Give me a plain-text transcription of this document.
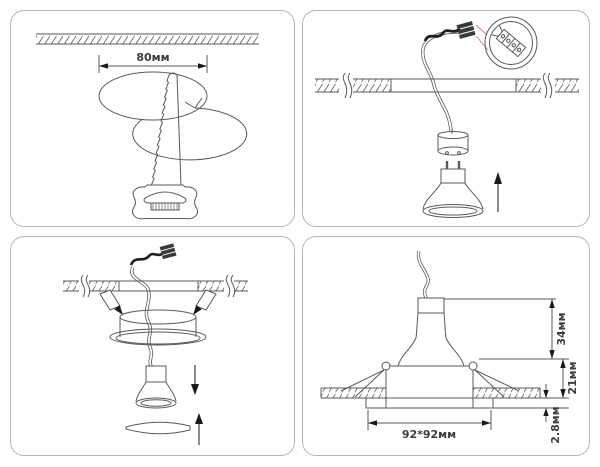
80мм
92*92мм
34мм
21мм
2.8мм
